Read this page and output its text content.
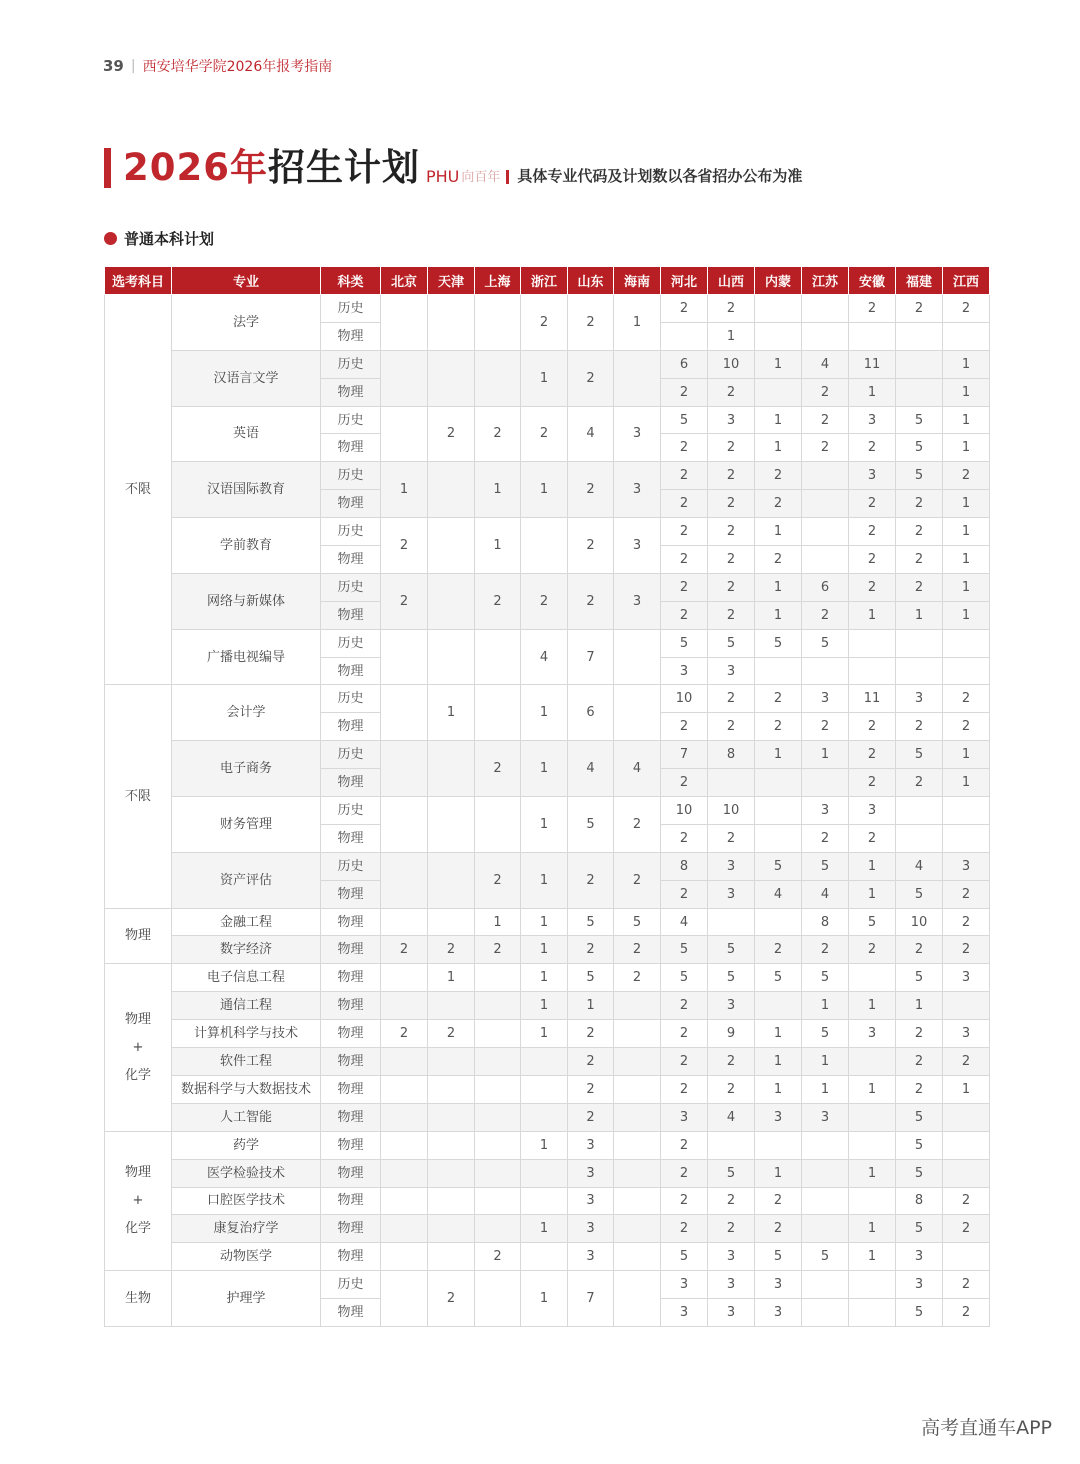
39 | 西安培华学院2026年报考指南
2026年招生计划 PHU 向百年 具体专业代码及计划数以各省招办公布为准
普通本科计划
选考科目	专业	科类	北京	天津	上海	浙江	山东	海南	河北	山西	内蒙	江苏	安徽	福建	江西

不限	法学	历史				2	2	1	2	2			2	2	2
		物理								1					
	汉语言文学	历史				1	2		6	10	1	4	11		1
		物理							2	2		2	1		1
	英语	历史		2	2	2	4	3	5	3	1	2	3	5	1
		物理							2	2	1	2	2	5	1
	汉语国际教育	历史	1		1	1	2	3	2	2	2		3	5	2
		物理							2	2	2		2	2	1
	学前教育	历史	2		1		2	3	2	2	1		2	2	1
		物理							2	2	2		2	2	1
	网络与新媒体	历史	2		2	2	2	3	2	2	1	6	2	2	1
		物理							2	2	1	2	1	1	1
	广播电视编导	历史				4	7		5	5	5	5			
		物理							3	3					

不限	会计学	历史		1		1	6		10	2	2	3	11	3	2
		物理							2	2	2	2	2	2	2
	电子商务	历史			2	1	4	4	7	8	1	1	2	5	1
		物理							2				2	2	1
	财务管理	历史				1	5	2	10	10		3	3		
		物理							2	2		2	2		
	资产评估	历史			2	1	2	2	8	3	5	5	1	4	3
		物理							2	3	4	4	1	5	2

物理	金融工程	物理			1	1	5	5	4			8	5	10	2
	数字经济	物理	2	2	2	1	2	2	5	5	2	2	2	2	2

物理
+
化学	电子信息工程	物理		1		1	5	2	5	5	5	5		5	3
	通信工程	物理				1	1		2	3		1	1	1	
	计算机科学与技术	物理	2	2		1	2		2	9	1	5	3	2	3
	软件工程	物理					2		2	2	1	1		2	2
	数据科学与大数据技术	物理					2		2	2	1	1	1	2	1
	人工智能	物理					2		3	4	3	3		5	

物理
+
化学	药学	物理				1	3		2					5	
	医学检验技术	物理					3		2	5	1		1	5	
	口腔医学技术	物理					3		2	2	2			8	2
	康复治疗学	物理				1	3		2	2	2		1	5	2
	动物医学	物理			2		3		5	3	5	5	1	3	

生物	护理学	历史		2		1	7		3	3	3			3	2
		物理							3	3	3			5	2
高考直通车APP
